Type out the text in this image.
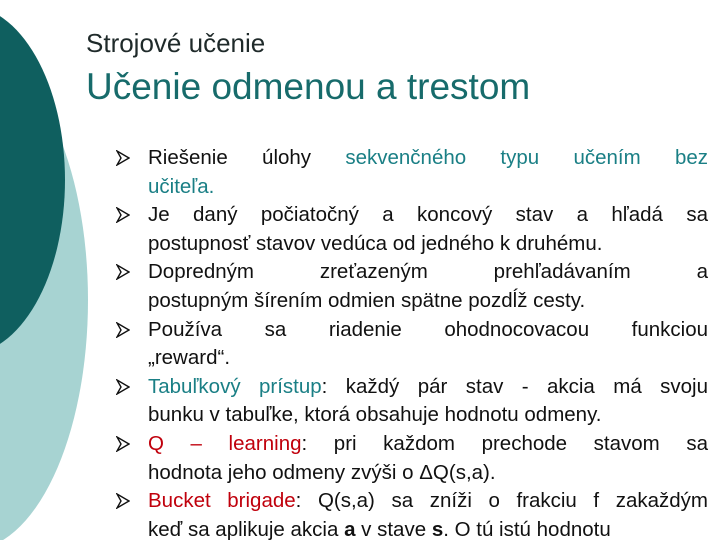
Strojové učenie
Učenie odmenou a trestom
Riešenie úlohy sekvenčného typu učením bez
učiteľa.
Je daný počiatočný a koncový stav a hľadá sa
postupnosť stavov vedúca od jedného k druhému.
Dopredným zreťazeným prehľadávaním a
postupným šírením odmien spätne pozdĺž cesty.
Používa sa riadenie ohodnocovacou funkciou
„reward“.
Tabuľkový prístup: každý pár stav - akcia má svoju
bunku v tabuľke, ktorá obsahuje hodnotu odmeny.
Q – learning: pri každom prechode stavom sa
hodnota jeho odmeny zvýši o ΔQ(s,a).
Bucket brigade: Q(s,a) sa zníži o frakciu f zakaždým
keď sa aplikuje akcia a v stave s. O tú istú hodnotu
